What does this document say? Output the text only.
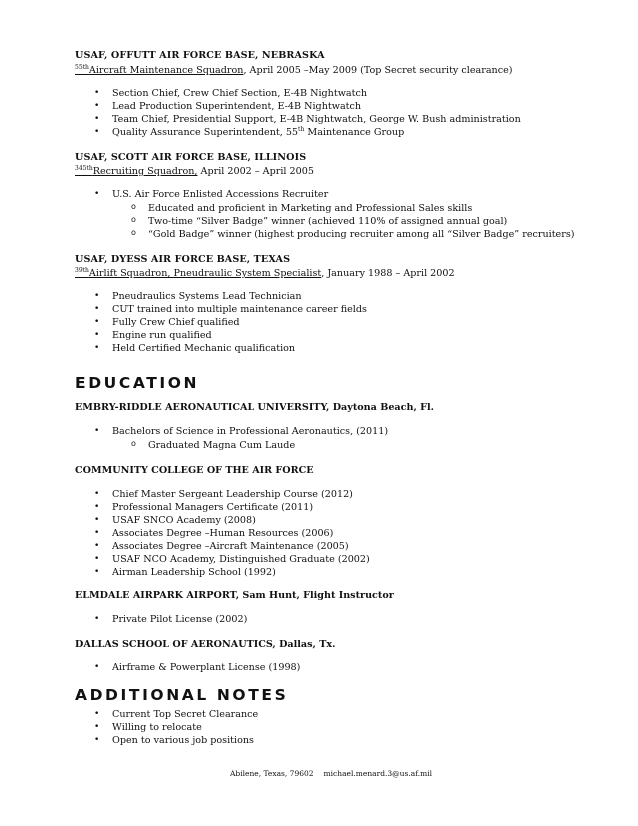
USAF, OFFUTT AIR FORCE BASE, NEBRASKA
$^{55th}$Aircraft Maintenance Squadron, April 2005 –May 2009 (Top Secret security clearance)
• Section Chief, Crew Chief Section, E-4B Nightwatch
• Lead Production Superintendent, E-4B Nightwatch
• Team Chief, Presidential Support, E-4B Nightwatch, George W. Bush administration
• Quality Assurance Superintendent, 55th Maintenance Group
USAF, SCOTT AIR FORCE BASE, ILLINOIS
$^{345th}$Recruiting Squadron, April 2002 – April 2005
• U.S. Air Force Enlisted Accessions Recruiter
o Educated and proficient in Marketing and Professional Sales skills
o Two-time “Silver Badge” winner (achieved 110% of assigned annual goal)
o “Gold Badge” winner (highest producing recruiter among all “Silver Badge” recruiters)
USAF, DYESS AIR FORCE BASE, TEXAS
$^{39th}$Airlift Squadron, Pneudraulic System Specialist, January 1988 – April 2002
• Pneudraulics Systems Lead Technician
• CUT trained into multiple maintenance career fields
• Fully Crew Chief qualified
• Engine run qualified
• Held Certified Mechanic qualification
EDUCATION
EMBRY-RIDDLE AERONAUTICAL UNIVERSITY, Daytona Beach, Fl.
• Bachelors of Science in Professional Aeronautics, (2011)
o Graduated Magna Cum Laude
COMMUNITY COLLEGE OF THE AIR FORCE
• Chief Master Sergeant Leadership Course (2012)
• Professional Managers Certificate (2011)
• USAF SNCO Academy (2008)
• Associates Degree –Human Resources (2006)
• Associates Degree –Aircraft Maintenance (2005)
• USAF NCO Academy, Distinguished Graduate (2002)
• Airman Leadership School (1992)
ELMDALE AIRPARK AIRPORT, Sam Hunt, Flight Instructor
• Private Pilot License (2002)
DALLAS SCHOOL OF AERONAUTICS, Dallas, Tx.
• Airframe & Powerplant License (1998)
ADDITIONAL NOTES
• Current Top Secret Clearance
• Willing to relocate
• Open to various job positions
Abilene, Texas, 79602 michael.menard.3@us.af.mil
